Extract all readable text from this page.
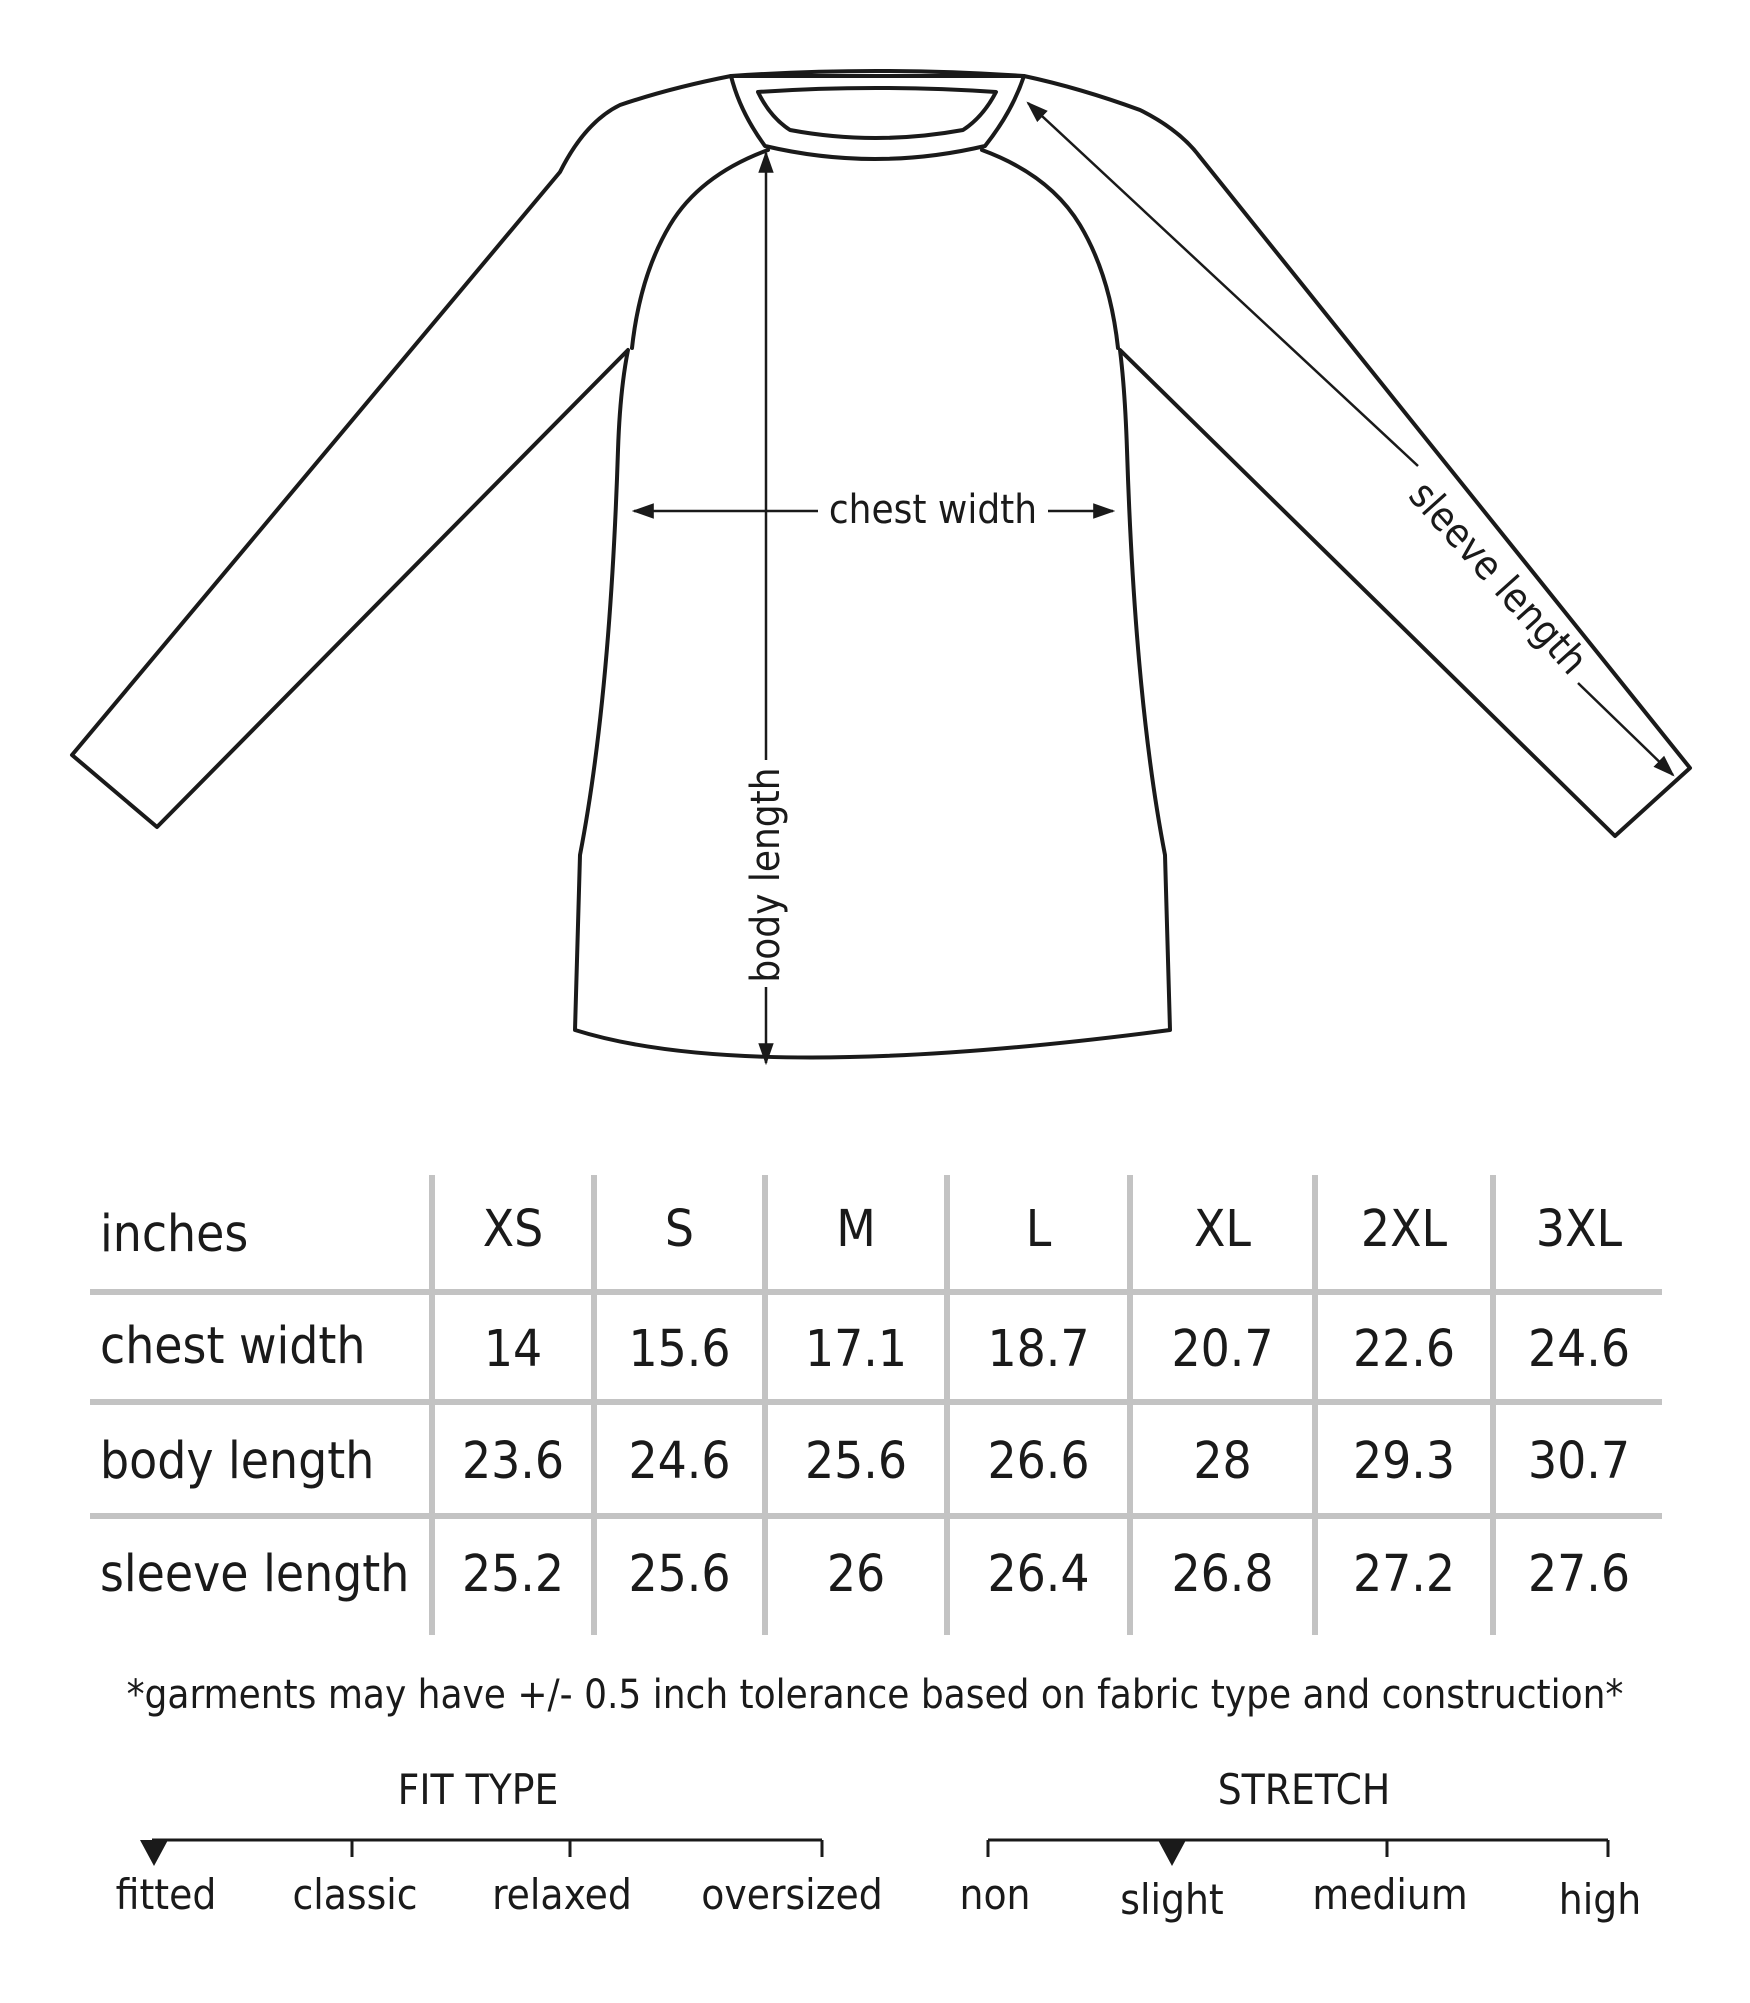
chest width
body length
sleeve length
inches	XS	S	M	L	XL	2XL	3XL
chest width	14	15.6	17.1	18.7	20.7	22.6	24.6
body length	23.6	24.6	25.6	26.6	28	29.3	30.7
sleeve length	25.2	25.6	26	26.4	26.8	27.2	27.6
*garments may have +/- 0.5 inch tolerance based on fabric type and construction*
FIT TYPE	STRETCH
fitted	classic	relaxed	oversized	non	slight	medium	high
